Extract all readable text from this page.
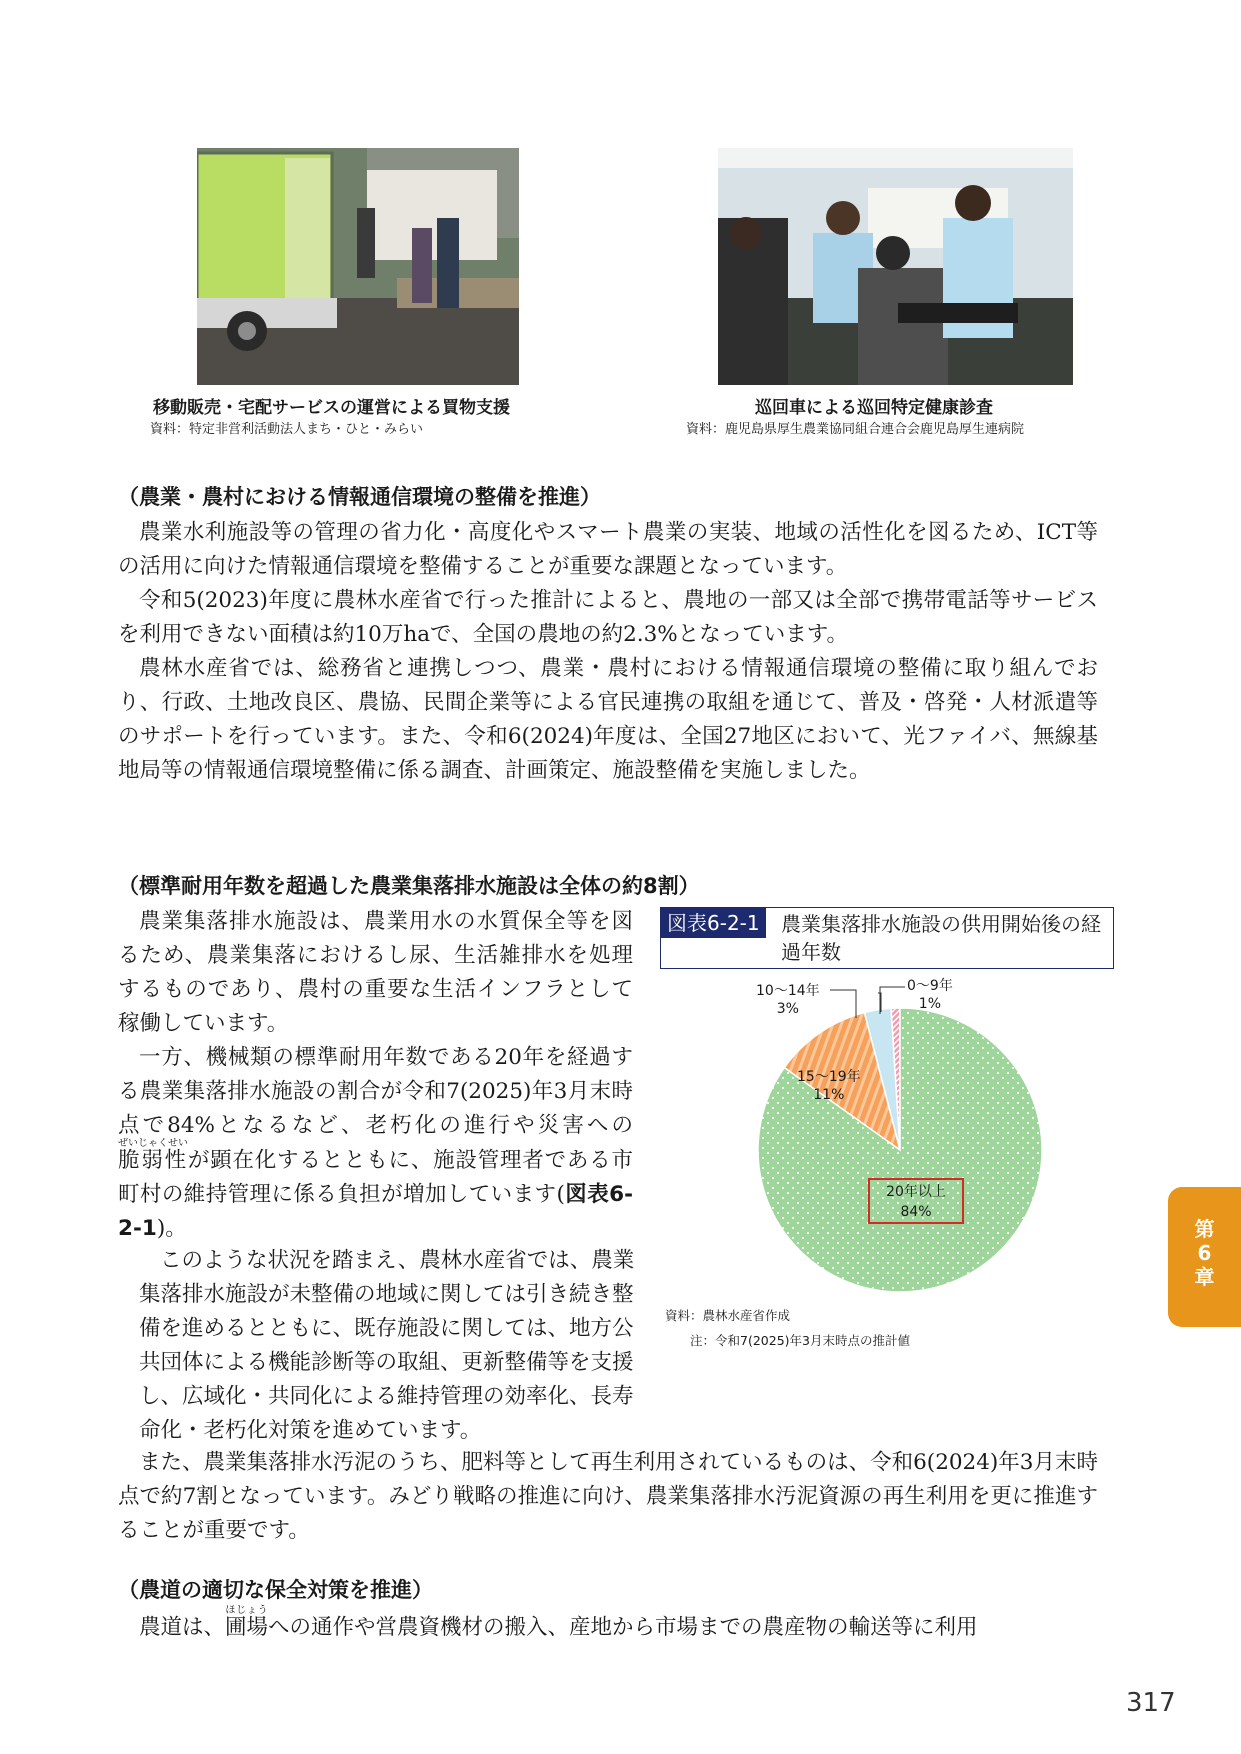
移動販売・宅配サービスの運営による買物支援
資料：特定非営利活動法人まち・ひと・みらい
巡回車による巡回特定健康診査
資料：鹿児島県厚生農業協同組合連合会鹿児島厚生連病院
（農業・農村における情報通信環境の整備を推進）

農業水利施設等の管理の省力化・高度化やスマート農業の実装、地域の活性化を図るため、ICT等の活用に向けた情報通信環境を整備することが重要な課題となっています。
令和5(2023)年度に農林水産省で行った推計によると、農地の一部又は全部で携帯電話等サービスを利用できない面積は約10万haで、全国の農地の約2.3%となっています。
農林水産省では、総務省と連携しつつ、農業・農村における情報通信環境の整備に取り組んでおり、行政、土地改良区、農協、民間企業等による官民連携の取組を通じて、普及・啓発・人材派遣等のサポートを行っています。また、令和6(2024)年度は、全国27地区において、光ファイバ、無線基地局等の情報通信環境整備に係る調査、計画策定、施設整備を実施しました。

（標準耐用年数を超過した農業集落排水施設は全体の約8割）

農業集落排水施設は、農業用水の水質保全等を図るため、農業集落におけるし尿、生活雑排水を処理するものであり、農村の重要な生活インフラとして稼働しています。
一方、機械類の標準耐用年数である20年を経過する農業集落排水施設の割合が令和7(2025)年3月末時点で84%となるなど、老朽化の進行や災害への脆弱性ぜいじゃくせいが顕在化するとともに、施設管理者である市町村の維持管理に係る負担が増加しています(図表6-2-1)。

このような状況を踏まえ、農林水産省では、農業集落排水施設が未整備の地域に関しては引き続き整備を進めるとともに、既存施設に関しては、地方公共団体による機能診断等の取組、更新整備等を支援し、広域化・共同化による維持管理の効率化、長寿命化・老朽化対策を進めています。

また、農業集落排水汚泥のうち、肥料等として再生利用されているものは、令和6(2024)年3月末時点で約7割となっています。みどり戦略の推進に向け、農業集落排水汚泥資源の再生利用を更に推進することが重要です。

図表6-2-1	農業集落排水施設の供用開始後の経過年数
0～9年
1%
10～14年
3%
15～19年
11%
20年以上
84%
資料：農林水産省作成
注：令和7(2025)年3月末時点の推計値
（農道の適切な保全対策を推進）

農道は、圃場ほじょうへの通作や営農資機材の搬入、産地から市場までの農産物の輸送等に利用

第
6
章
317
